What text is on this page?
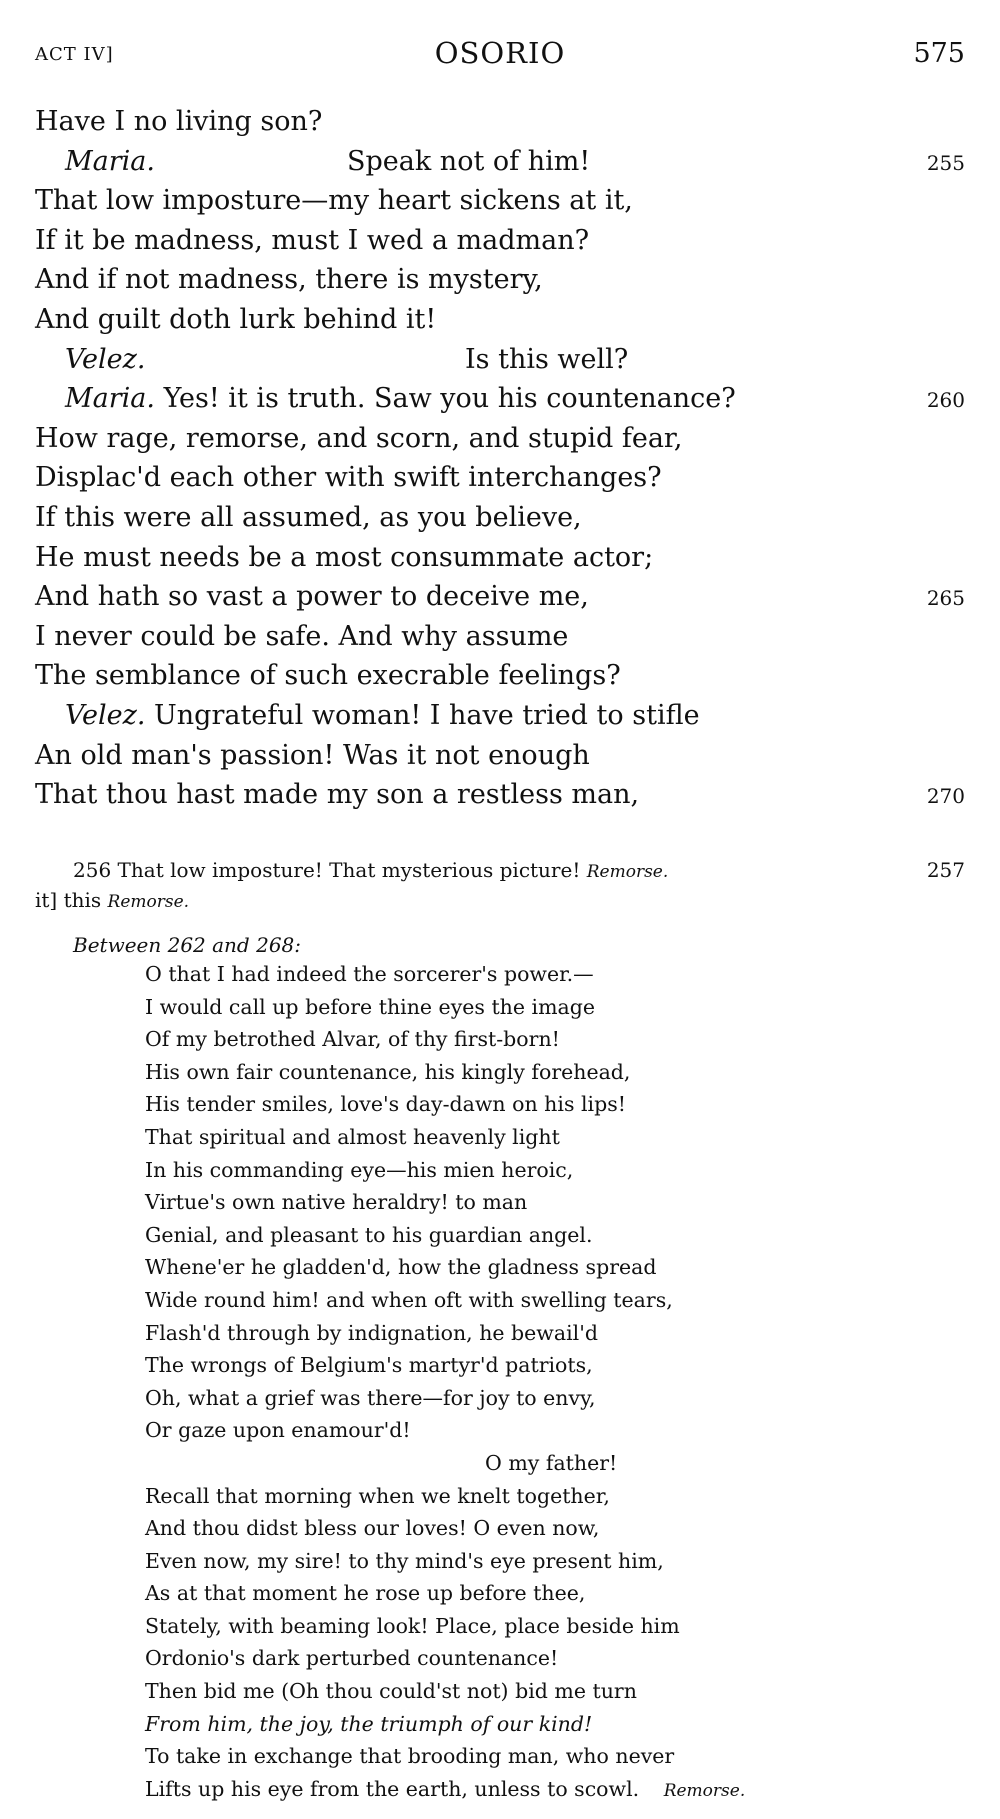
ACT IV]	OSORIO	575
Have I no living son?
Maria.	Speak not of him!	255
That low imposture—my heart sickens at it,
If it be madness, must I wed a madman?
And if not madness, there is mystery,
And guilt doth lurk behind it!
Velez.	Is this well?
Maria. Yes! it is truth. Saw you his countenance?	260
How rage, remorse, and scorn, and stupid fear,
Displac'd each other with swift interchanges?
If this were all assumed, as you believe,
He must needs be a most consummate actor;
And hath so vast a power to deceive me,	265
I never could be safe. And why assume
The semblance of such execrable feelings?
Velez. Ungrateful woman! I have tried to stifle
An old man's passion! Was it not enough
That thou hast made my son a restless man,	270
256 That low imposture! That mysterious picture! Remorse.	257
it] this Remorse.
Between 262 and 268:
O that I had indeed the sorcerer's power.—
I would call up before thine eyes the image
Of my betrothed Alvar, of thy first-born!
His own fair countenance, his kingly forehead,
His tender smiles, love's day-dawn on his lips!
That spiritual and almost heavenly light
In his commanding eye—his mien heroic,
Virtue's own native heraldry! to man
Genial, and pleasant to his guardian angel.
Whene'er he gladden'd, how the gladness spread
Wide round him! and when oft with swelling tears,
Flash'd through by indignation, he bewail'd
The wrongs of Belgium's martyr'd patriots,
Oh, what a grief was there—for joy to envy,
Or gaze upon enamour'd!
O my father!
Recall that morning when we knelt together,
And thou didst bless our loves! O even now,
Even now, my sire! to thy mind's eye present him,
As at that moment he rose up before thee,
Stately, with beaming look! Place, place beside him
Ordonio's dark perturbed countenance!
Then bid me (Oh thou could'st not) bid me turn
From him, the joy, the triumph of our kind!
To take in exchange that brooding man, who never
Lifts up his eye from the earth, unless to scowl. Remorse.
